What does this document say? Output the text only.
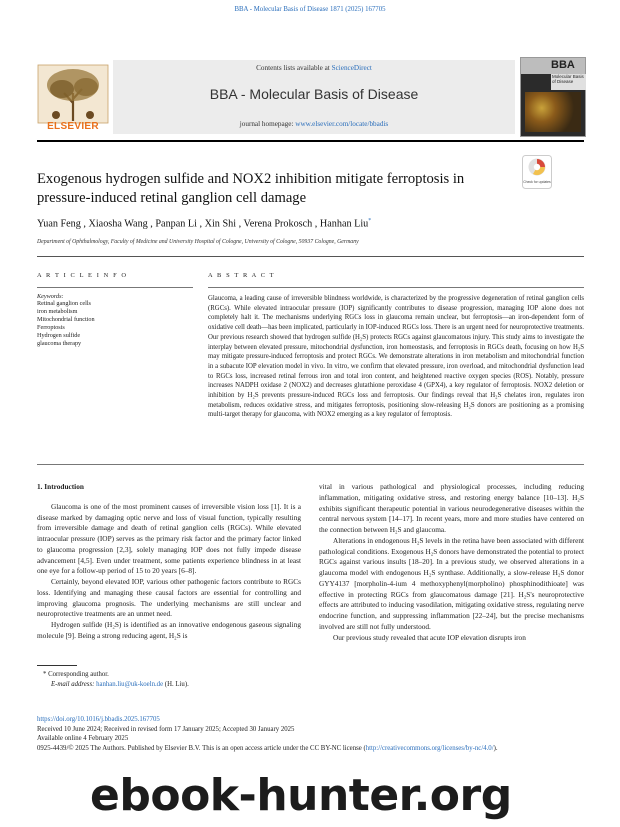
BBA - Molecular Basis of Disease 1871 (2025) 167705
Contents lists available at ScienceDirect
BBA - Molecular Basis of Disease
journal homepage: www.elsevier.com/locate/bbadis
ELSEVIER
BBA
Molecular Basis of Disease
Exogenous hydrogen sulfide and NOX2 inhibition mitigate ferroptosis in pressure-induced retinal ganglion cell damage
Check for updates
Yuan Feng , Xiaosha Wang , Panpan Li , Xin Shi , Verena Prokosch , Hanhan Liu*
Department of Ophthalmology, Faculty of Medicine and University Hospital of Cologne, University of Cologne, 50937 Cologne, Germany
A R T I C L E I N F O	A B S T R A C T
Keywords:
Retinal ganglion cells
iron metabolism
Mitochondrial function
Ferroptosis
Hydrogen sulfide
glaucoma therapy
Glaucoma, a leading cause of irreversible blindness worldwide, is characterized by the progressive degeneration of retinal ganglion cells (RGCs). While elevated intraocular pressure (IOP) significantly contributes to disease progression, managing IOP alone does not completely halt it. The mechanisms underlying RGCs loss in glaucoma remain unclear, but ferroptosis—an iron-dependent form of oxidative cell death—has been implicated, particularly in IOP-induced RGCs loss. There is an urgent need for neuroprotective treatments. Our previous research showed that hydrogen sulfide (H₂S) protects RGCs against glaucomatous injury. This study aims to investigate the interplay between elevated pressure, mitochondrial dysfunction, iron homeostasis, and ferroptosis in RGCs death, focusing on how H₂S may mitigate pressure-induced ferroptosis and protect RGCs. We demonstrate alterations in iron metabolism and mitochondrial function in a subacute IOP elevation model in vivo. In vitro, we confirm that elevated pressure, iron overload, and mitochondrial dysfunction lead to RGCs loss, increased retinal ferrous iron and total iron content, and heightened reactive oxygen species (ROS). Notably, pressure increases NADPH oxidase 2 (NOX2) and decreases glutathione peroxidase 4 (GPX4), a key regulator of ferroptosis. NOX2 deletion or inhibition by H₂S prevents pressure-induced RGCs loss and ferroptosis. Our findings reveal that H₂S chelates iron, regulates iron metabolism, reduces oxidative stress, and mitigates ferroptosis, positioning slow-releasing H₂S donors are positioning as a promising multi-target therapy for glaucoma, with NOX2 emerging as a key regulator of ferroptosis.

1. Introduction

Glaucoma is one of the most prominent causes of irreversible vision loss [1]. It is a disease marked by damaging optic nerve and loss of visual function, typically resulting from irreversible damage and death of retinal ganglion cells (RGCs). While elevated intraocular pressure (IOP) serves as the primary risk factor and the primary factor linked to glaucoma progression [2,3], solely managing IOP does not fully impede disease advancement [4,5]. Even under treatment, some patients experience blindness in at least one eye for a follow-up period of 15 to 20 years [6–8].

Certainly, beyond elevated IOP, various other pathogenic factors contribute to RGCs loss. Identifying and managing these causal factors are essential for controlling and improving glaucoma prognosis. The underlying mechanisms are still unclear and neuroprotective treatments are an unmet need.

Hydrogen sulfide (H₂S) is identified as an innovative endogenous gaseous signaling molecule [9]. Being a strong reducing agent, H₂S is

vital in various pathological and physiological processes, including reducing inflammation, mitigating oxidative stress, and restoring energy balance [10–13]. H₂S exhibits significant therapeutic potential in various neurodegenerative diseases within the central nervous system [14–17]. In recent years, more and more studies have centered on the connection between H₂S and glaucoma.

Alterations in endogenous H₂S levels in the retina have been associated with different pathological conditions. Exogenous H₂S donors have demonstrated the potential to protect RGCs against various insults [18–20]. In a previous study, we observed alterations in a glaucoma model with endogenous H₂S synthase. Additionally, a slow-release H₂S donor GYY4137 [morpholin-4-ium 4 methoxyphenyl(morpholino) phosphinodithioate] was effective in protecting RGCs from glaucomatous damage [21]. H₂S's neuroprotective effects are attributed to inducing vasodilation, mitigating oxidative stress, regulating nerve endocrine function, and suppressing inflammation [22–24], but the precise mechanisms involved are still not fully understood.

Our previous study revealed that acute IOP elevation disrupts iron

* Corresponding author.
E-mail address: hanhan.liu@uk-koeln.de (H. Liu).
https://doi.org/10.1016/j.bbadis.2025.167705
Received 10 June 2024; Received in revised form 17 January 2025; Accepted 30 January 2025
Available online 4 February 2025
0925-4439/© 2025 The Authors. Published by Elsevier B.V. This is an open access article under the CC BY-NC license (http://creativecommons.org/licenses/by-nc/4.0/).
ebook-hunter.org
